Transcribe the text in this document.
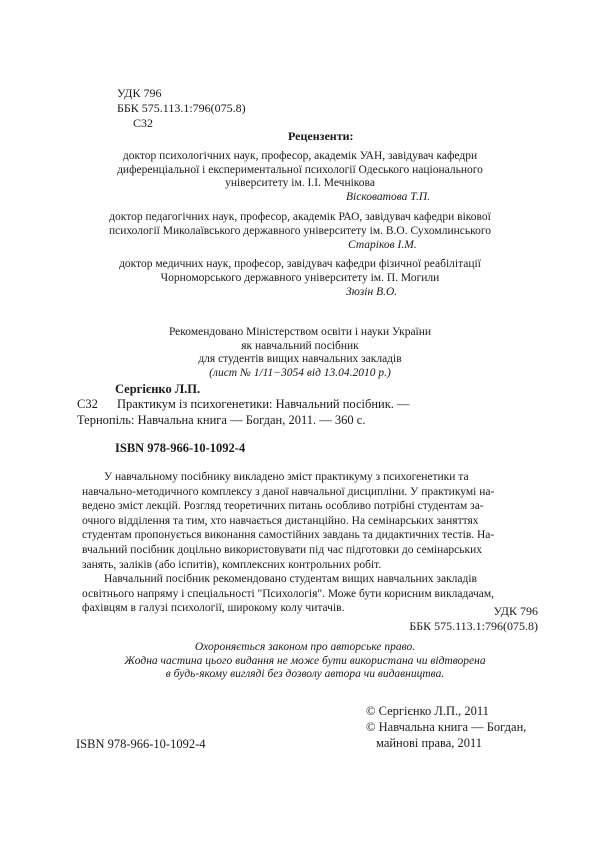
УДК 796
ББК 575.113.1:796(075.8)
С32
Рецензенти:
доктор психологічних наук, професор, академік УАН, завідувач кафедри
диференціальної і експериментальної психології Одеського національного
університету ім. І.І. Мечнікова
Вісковатова Т.П.
доктор педагогічних наук, професор, академік РАО, завідувач кафедри вікової
психології Миколаївського державного університету ім. В.О. Сухомлинського
Старіков І.М.
доктор медичних наук, професор, завідувач кафедри фізичної реабілітації
Чорноморського державного університету ім. П. Могили
Зюзін В.О.
Рекомендовано Міністерством освіти і науки України
як навчальний посібник
для студентів вищих навчальних закладів
(лист № 1/11−3054 від 13.04.2010 р.)
Сергієнко Л.П.
С32 Практикум із психогенетики: Навчальний посібник. —
Тернопіль: Навчальна книга — Богдан, 2011. — 360 с.
ISBN 978-966-10-1092-4
У навчальному посібнику викладено зміст практикуму з психогенетики та
навчально-методичного комплексу з даної навчальної дисципліни. У практикумі на-
ведено зміст лекцій. Розгляд теоретичних питань особливо потрібні студентам за-
очного відділення та тим, хто навчається дистанційно. На семінарських заняттях
студентам пропонується виконання самостійних завдань та дидактичних тестів. На-
вчальний посібник доцільно використовувати під час підготовки до семінарських
занять, заліків (або іспитів), комплексних контрольних робіт.
Навчальний посібник рекомендовано студентам вищих навчальних закладів
освітнього напряму і спеціальності "Психологія". Може бути корисним викладачам,
фахівцям в галузі психології, широкому колу читачів.	УДК 796
ББК 575.113.1:796(075.8)
Охороняється законом про авторське право.
Жодна частина цього видання не може бути використана чи відтворена
в будь-якому вигляді без дозволу автора чи видавництва.
ISBN 978-966-10-1092-4
© Сергієнко Л.П., 2011
© Навчальна книга — Богдан,
майнові права, 2011
